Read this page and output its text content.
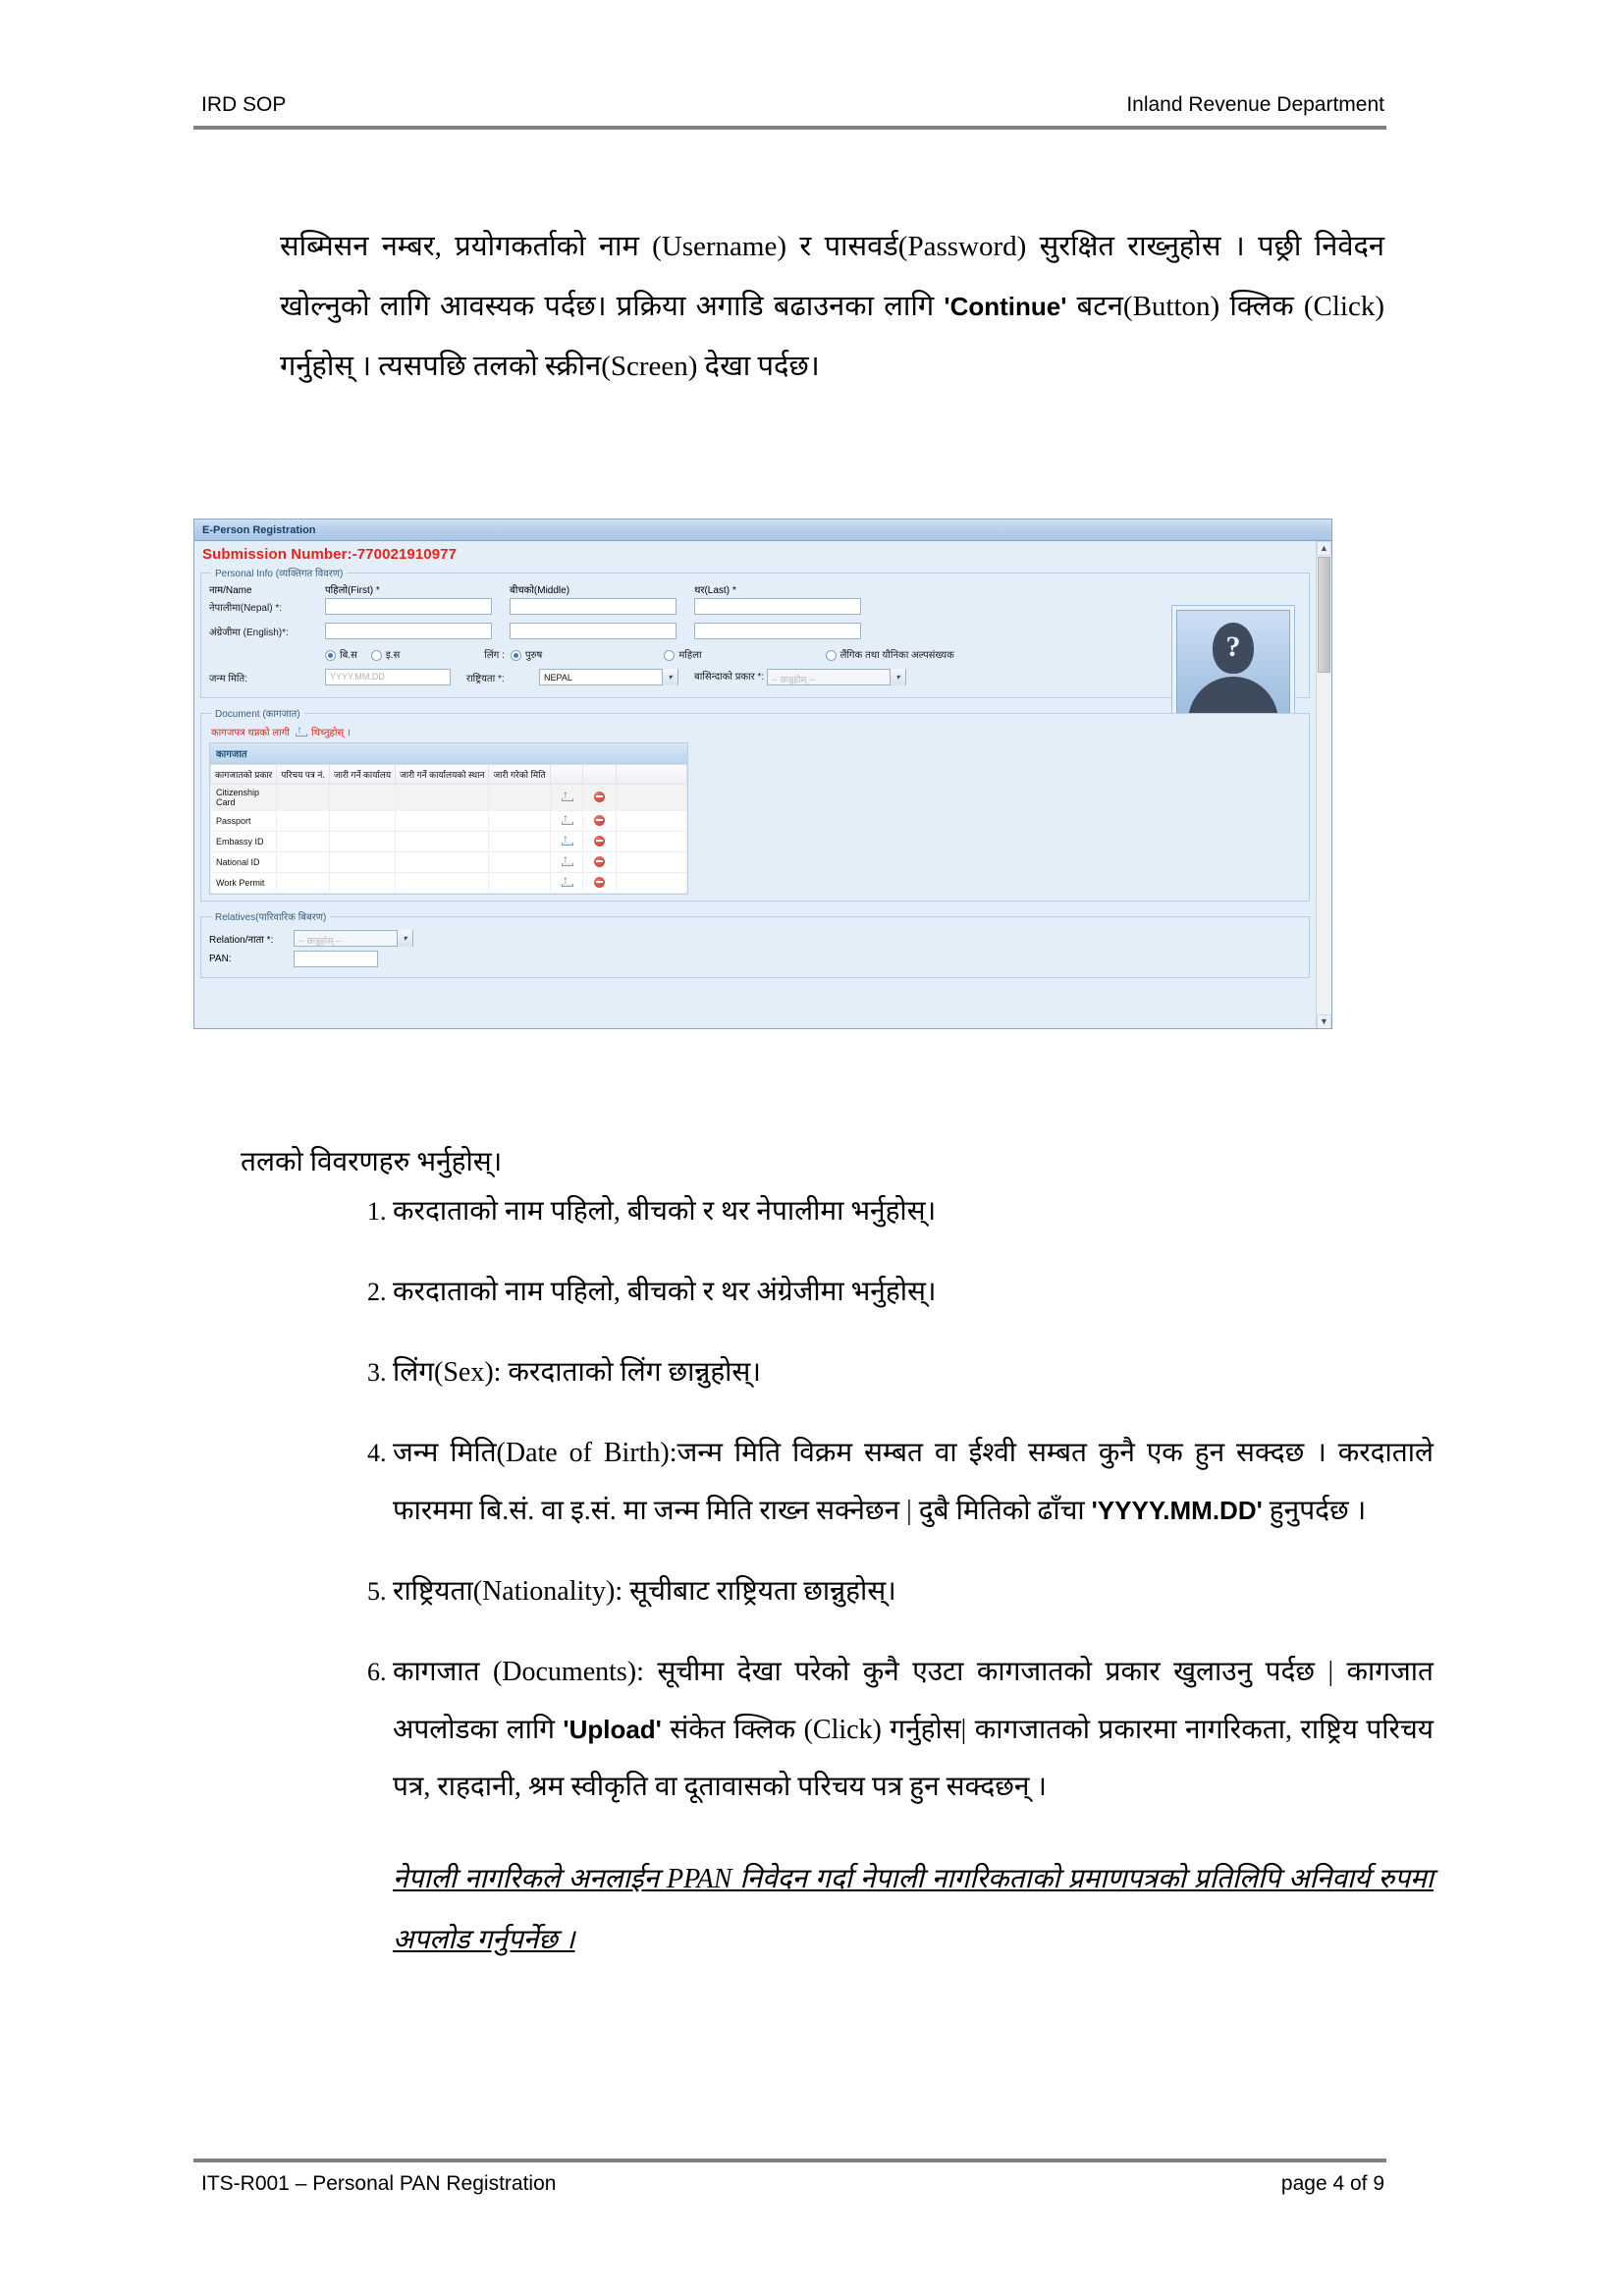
IRD SOP	Inland Revenue Department

सब्मिसन नम्बर, प्रयोगकर्ताको नाम (Username) र पासवर्ड(Password) सुरक्षित राख्नुहोस । पछ्री निवेदन खोल्नुको लागि आवस्यक पर्दछ। प्रक्रिया अगाडि बढाउनका लागि 'Continue' बटन(Button) क्लिक (Click) गर्नुहोस् । त्यसपछि तलको स्क्रीन(Screen) देखा पर्दछ।

E-Person Registration
Submission Number:-770021910977
Personal Info (व्यक्तिगत विवरण)
नाम/Name	पहिलो(First) *	बीचको(Middle)	थर(Last) *
नेपालीमा(Nepal) *:
अंग्रेजीमा (English)*:
बि.स	इ.स	लिंग :	पुरुष	महिला	लैंगिक तथा यौनिका अल्पसंख्यक
जन्म मिति:	YYYY.MM.DD	राष्ट्रियता *:	NEPAL	▾	बासिन्दाको प्रकार *: -- छान्नुहोस् --	▾
?
Document (कागजात)
कागजपत्र थप्नको लागी ↑ थिच्नुहोस् ।
कागजात
कागजातको प्रकार	परिचय पत्र नं.	जारी गर्ने कार्यालय	जारी गर्ने कार्यालयको स्थान	जारी गरेको मिति			
Citizenship Card					↑		
Passport					↑		
Embassy ID					↑		
National ID					↑		
Work Permit					↑		
Relatives(पारिवारिक बिबरण)
Relation/नाता *:	-- छान्नुहोस् --	▾
PAN:
▲
▼

तलको विवरणहरु भर्नुहोस्।

1. करदाताको नाम पहिलो, बीचको र थर नेपालीमा भर्नुहोस्।
2. करदाताको नाम पहिलो, बीचको र थर अंग्रेजीमा भर्नुहोस्।
3. लिंग(Sex): करदाताको लिंग छान्नुहोस्।
4. जन्म मिति(Date of Birth):जन्म मिति विक्रम सम्बत वा ईश्वी सम्बत कुनै एक हुन सक्दछ । करदाताले फारममा बि.सं. वा इ.सं. मा जन्म मिति राख्न सक्नेछन | दुबै मितिको ढाँचा 'YYYY.MM.DD' हुनुपर्दछ ।
5. राष्ट्रियता(Nationality): सूचीबाट राष्ट्रियता छान्नुहोस्।
6. कागजात (Documents): सूचीमा देखा परेको कुनै एउटा कागजातको प्रकार खुलाउनु पर्दछ | कागजात अपलोडका लागि 'Upload' संकेत क्लिक (Click) गर्नुहोस| कागजातको प्रकारमा नागरिकता, राष्ट्रिय परिचय पत्र, राहदानी, श्रम स्वीकृति वा दूतावासको परिचय पत्र हुन सक्दछन् ।
नेपाली नागरिकले अनलाईन PPAN निवेदन गर्दा नेपाली नागरिकताको प्रमाणपत्रको प्रतिलिपि अनिवार्य रुपमा अपलोड गर्नुपर्नेछ ।
ITS-R001 – Personal PAN Registration	page 4 of 9
